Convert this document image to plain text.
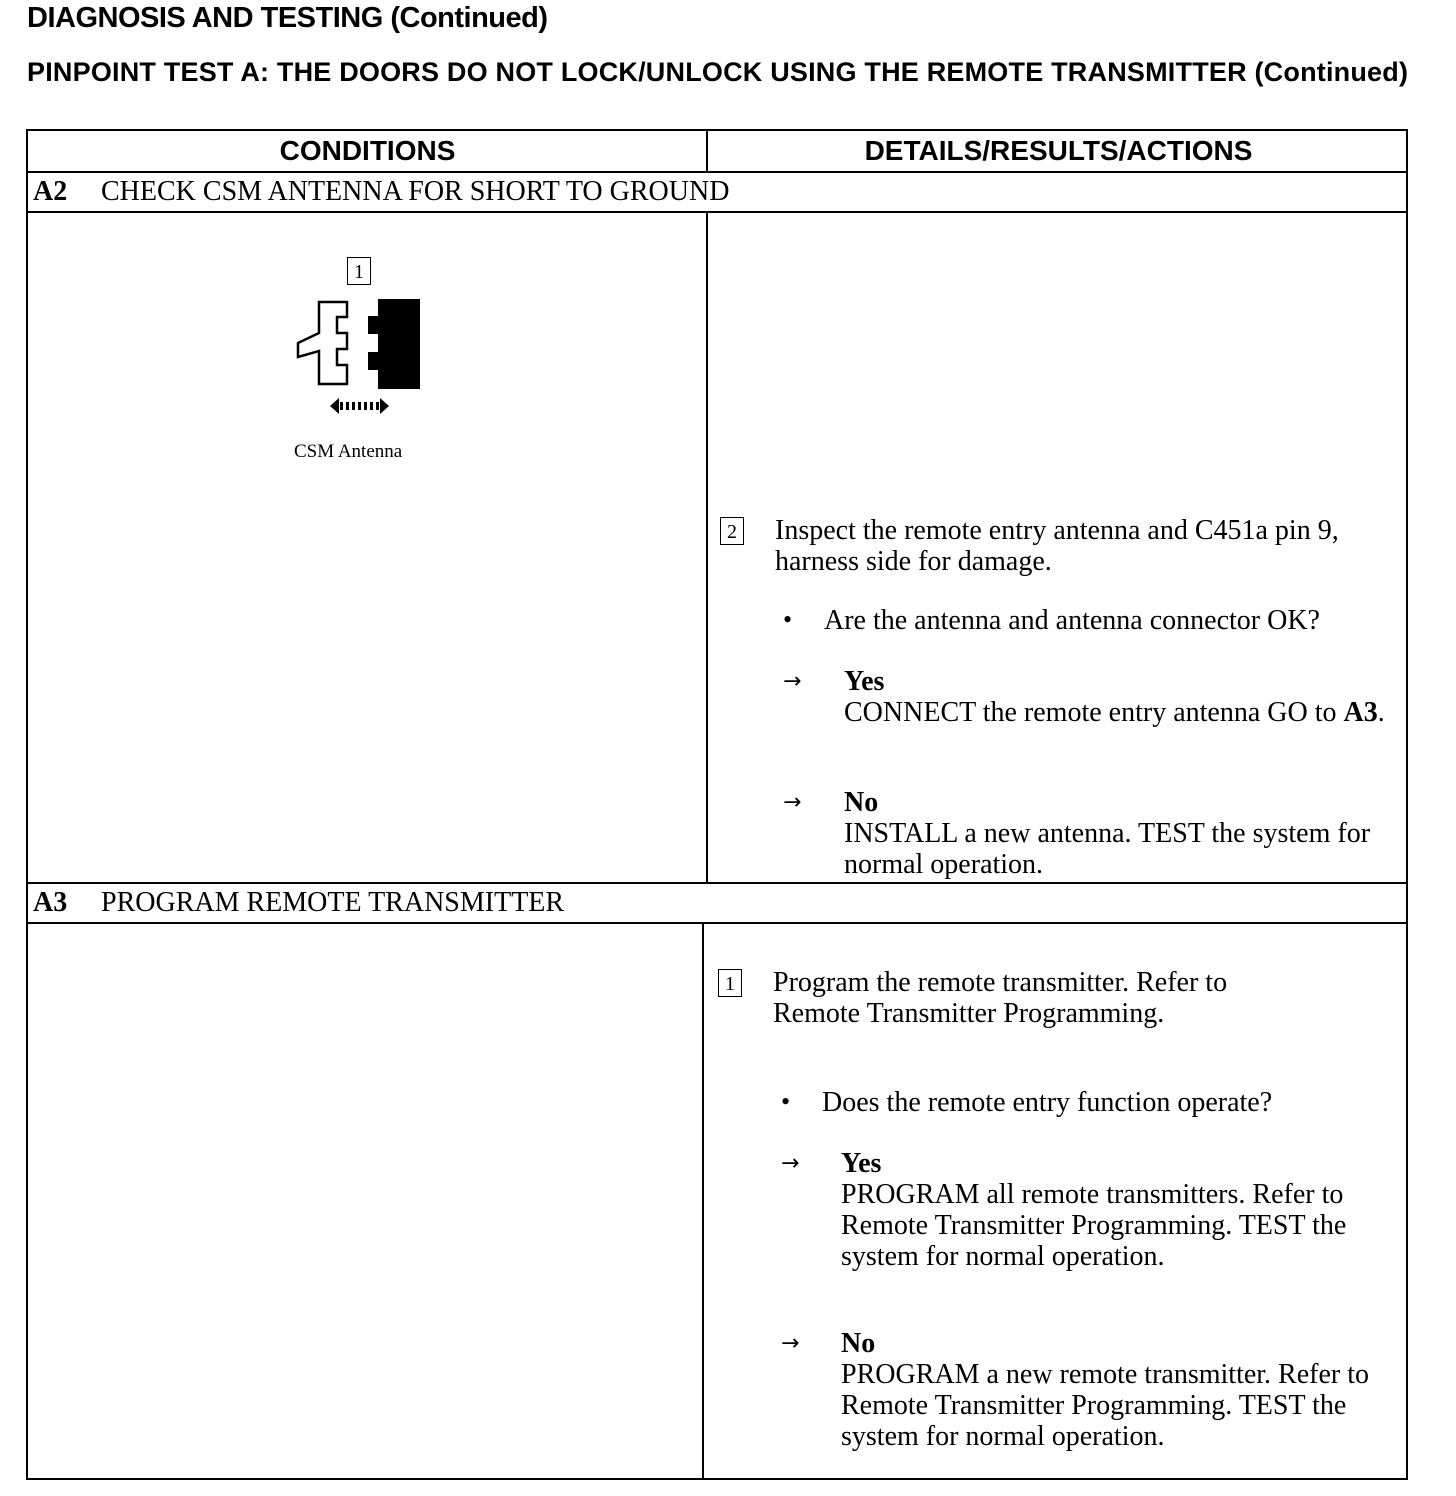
DIAGNOSIS AND TESTING (Continued)
PINPOINT TEST A: THE DOORS DO NOT LOCK/UNLOCK USING THE REMOTE TRANSMITTER (Continued)
CONDITIONS	DETAILS/RESULTS/ACTIONS
A2 CHECK CSM ANTENNA FOR SHORT TO GROUND
1
CSM Antenna
2 Inspect the remote entry antenna and C451a pin 9, harness side for damage.
• Are the antenna and antenna connector OK?
→ Yes
CONNECT the remote entry antenna GO to A3.
→ No
INSTALL a new antenna. TEST the system for normal operation.
A3 PROGRAM REMOTE TRANSMITTER
1 Program the remote transmitter. Refer to Remote Transmitter Programming.
• Does the remote entry function operate?
→ Yes
PROGRAM all remote transmitters. Refer to Remote Transmitter Programming. TEST the system for normal operation.
→ No
PROGRAM a new remote transmitter. Refer to Remote Transmitter Programming. TEST the system for normal operation.
